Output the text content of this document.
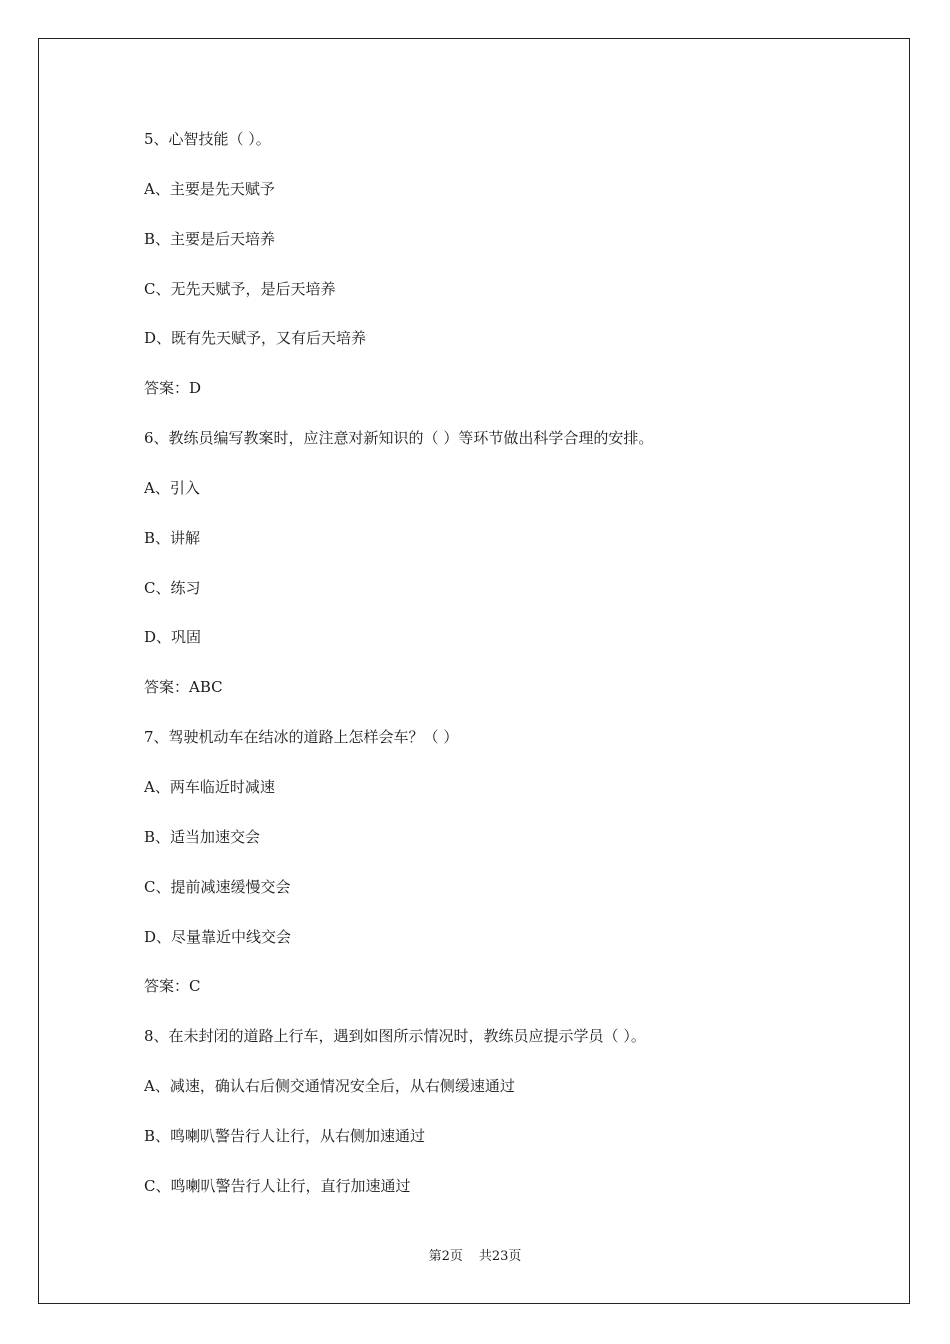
5、心智技能（ ）。
A、主要是先天赋予
B、主要是后天培养
C、无先天赋予，是后天培养
D、既有先天赋予，又有后天培养
答案：D
6、教练员编写教案时，应注意对新知识的（ ）等环节做出科学合理的安排。
A、引入
B、讲解
C、练习
D、巩固
答案：ABC
7、驾驶机动车在结冰的道路上怎样会车？（ ）
A、两车临近时减速
B、适当加速交会
C、提前减速缓慢交会
D、尽量靠近中线交会
答案：C
8、在未封闭的道路上行车，遇到如图所示情况时，教练员应提示学员（ ）。
A、减速，确认右后侧交通情况安全后，从右侧缓速通过
B、鸣喇叭警告行人让行，从右侧加速通过
C、鸣喇叭警告行人让行，直行加速通过
第2页 共23页
